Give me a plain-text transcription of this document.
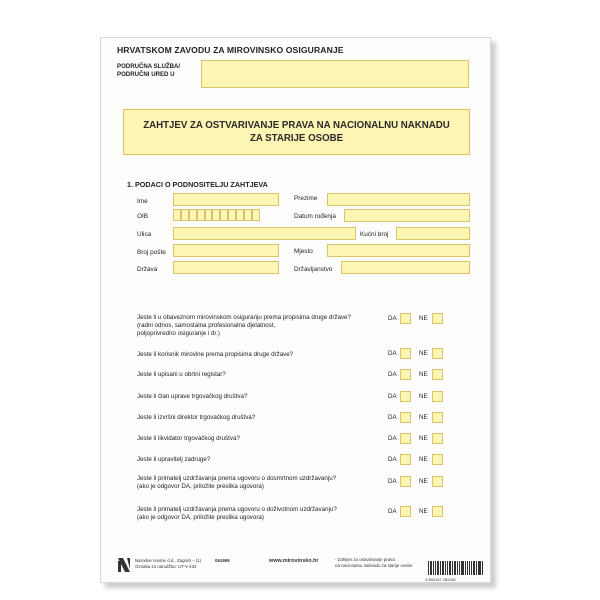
HRVATSKOM ZAVODU ZA MIROVINSKO OSIGURANJE
PODRUČNA SLUŽBA/
PODRUČNI URED U
ZAHTJEV ZA OSTVARIVANJE PRAVA NA NACIONALNU NAKNADU
ZA STARIJE OSOBE
1. PODACI O PODNOSITELJU ZAHTJEVA
Ime	Prezime
OIB	Datum rođenja
Ulica	Kućni broj
Broj pošte	Mjesto
Država	Državljanstvo
Jeste li u obaveznom mirovinskom osiguranju prema propisima druge države?
(radni odnos, samostalna profesionalna djelatnost,
poljoprivredno osiguranje i dr.)
DA	NE
Jeste li korisnik mirovine prema propisima druge države?	DA	NE
Jeste li upisani u obrtni registar?	DA	NE
Jeste li član uprave trgovačkog društva?	DA	NE
Jeste li izvršni direktor trgovačkog društva?	DA	NE
Jeste li likvidator trgovačkog društva?	DA	NE
Jeste li upravitelj zadruge?	DA	NE
Jeste li primatelj uzdržavanja prema ugovoru o dosmrtnom uzdržavanju?
(ako je odgovor DA, priložite preslika ugovora)
DA	NE
Jeste li primatelj uzdržavanja prema ugovoru o doživotnom uzdržavanju?
(ako je odgovor DA, priložite preslika ugovora)
DA	NE
Narodne novine d.d., Zagreb – (1)	061699
Oznaka za narudžbu: UT-V-434
www.mirovinsko.hr	- Zahtjev za ostvarivanje prava
na nacionalnu naknadu za starije osobe
3 850157 289261
